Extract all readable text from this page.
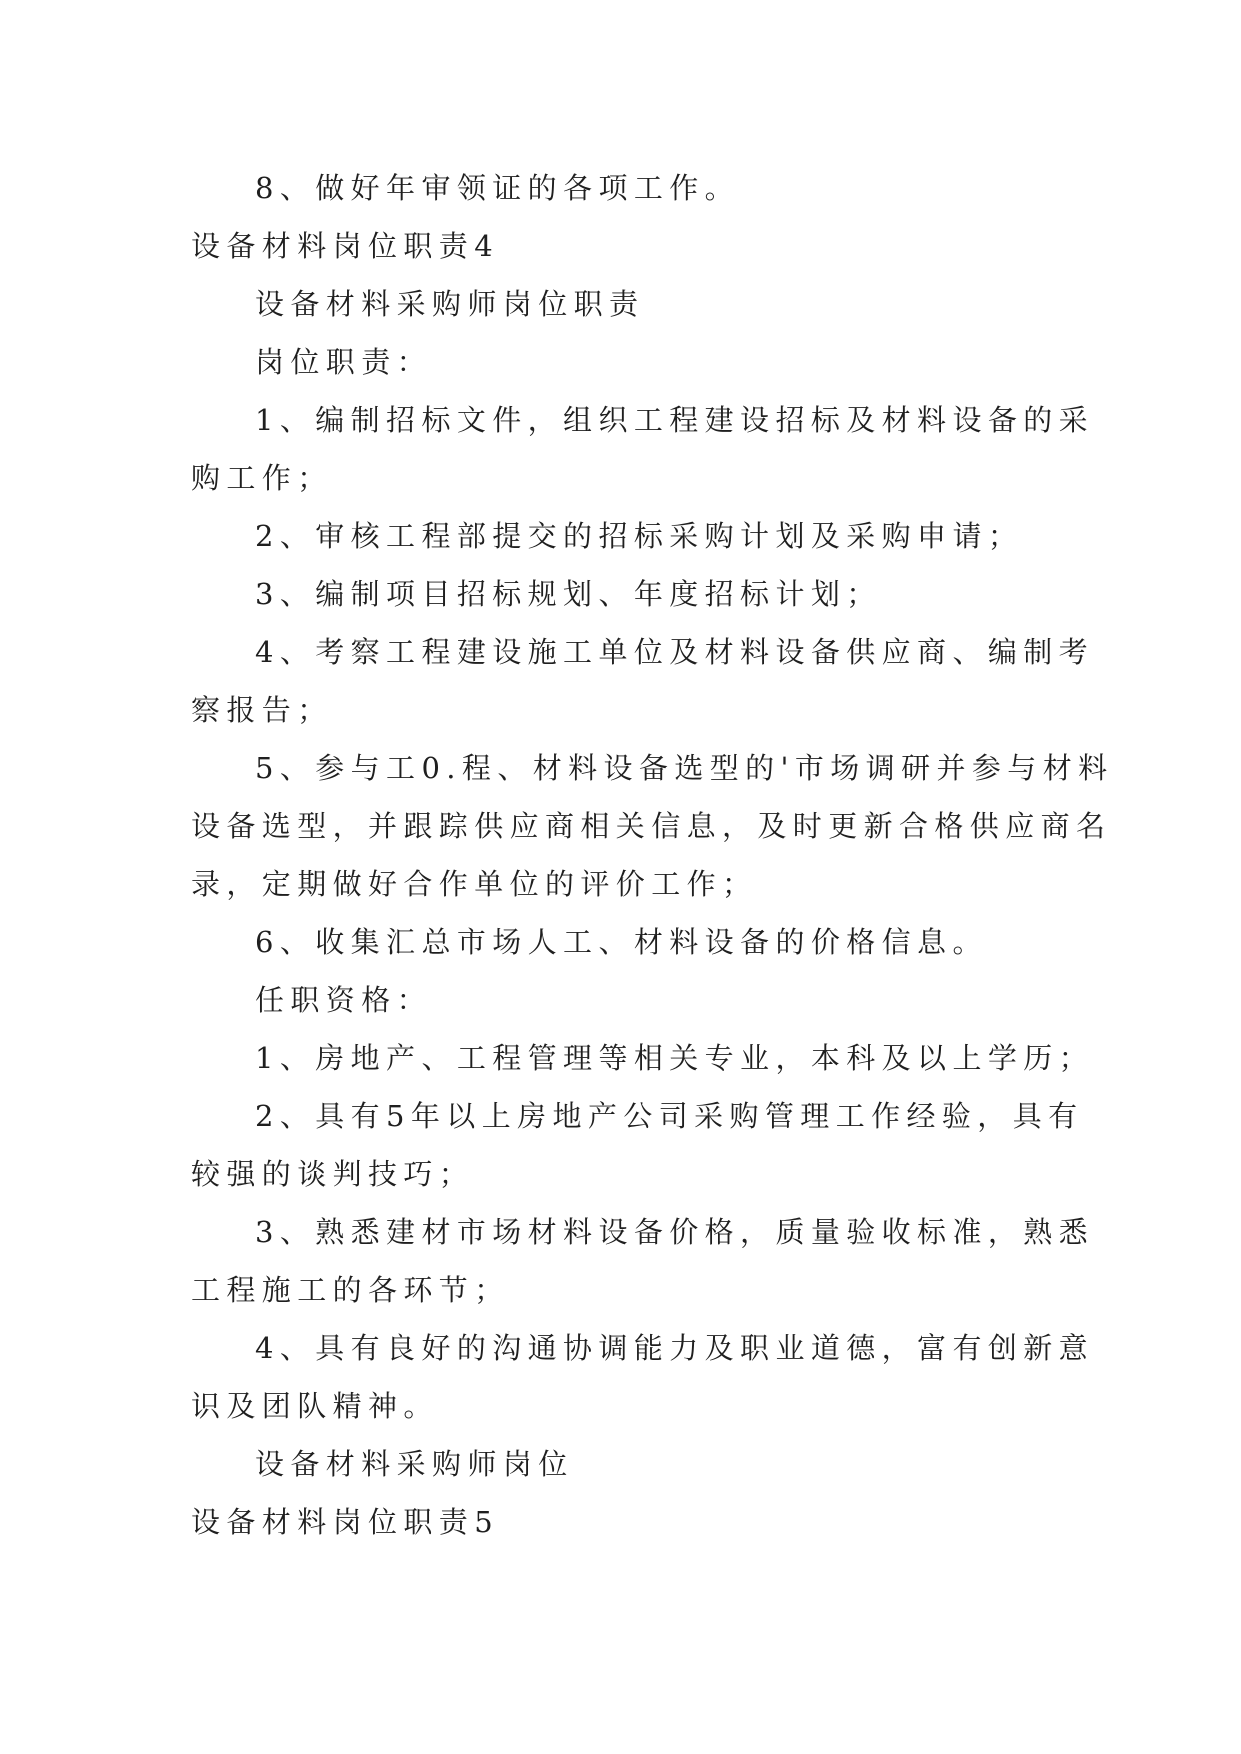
8、做好年审领证的各项工作。
设备材料岗位职责4
设备材料采购师岗位职责
岗位职责：
1、编制招标文件，组织工程建设招标及材料设备的采
购工作；
2、审核工程部提交的招标采购计划及采购申请；
3、编制项目招标规划、年度招标计划；
4、考察工程建设施工单位及材料设备供应商、编制考
察报告；
5、参与工0.程、材料设备选型的'市场调研并参与材料
设备选型，并跟踪供应商相关信息，及时更新合格供应商名
录，定期做好合作单位的评价工作；
6、收集汇总市场人工、材料设备的价格信息。
任职资格：
1、房地产、工程管理等相关专业，本科及以上学历；
2、具有5年以上房地产公司采购管理工作经验，具有
较强的谈判技巧；
3、熟悉建材市场材料设备价格，质量验收标准，熟悉
工程施工的各环节；
4、具有良好的沟通协调能力及职业道德，富有创新意
识及团队精神。
设备材料采购师岗位
设备材料岗位职责5
